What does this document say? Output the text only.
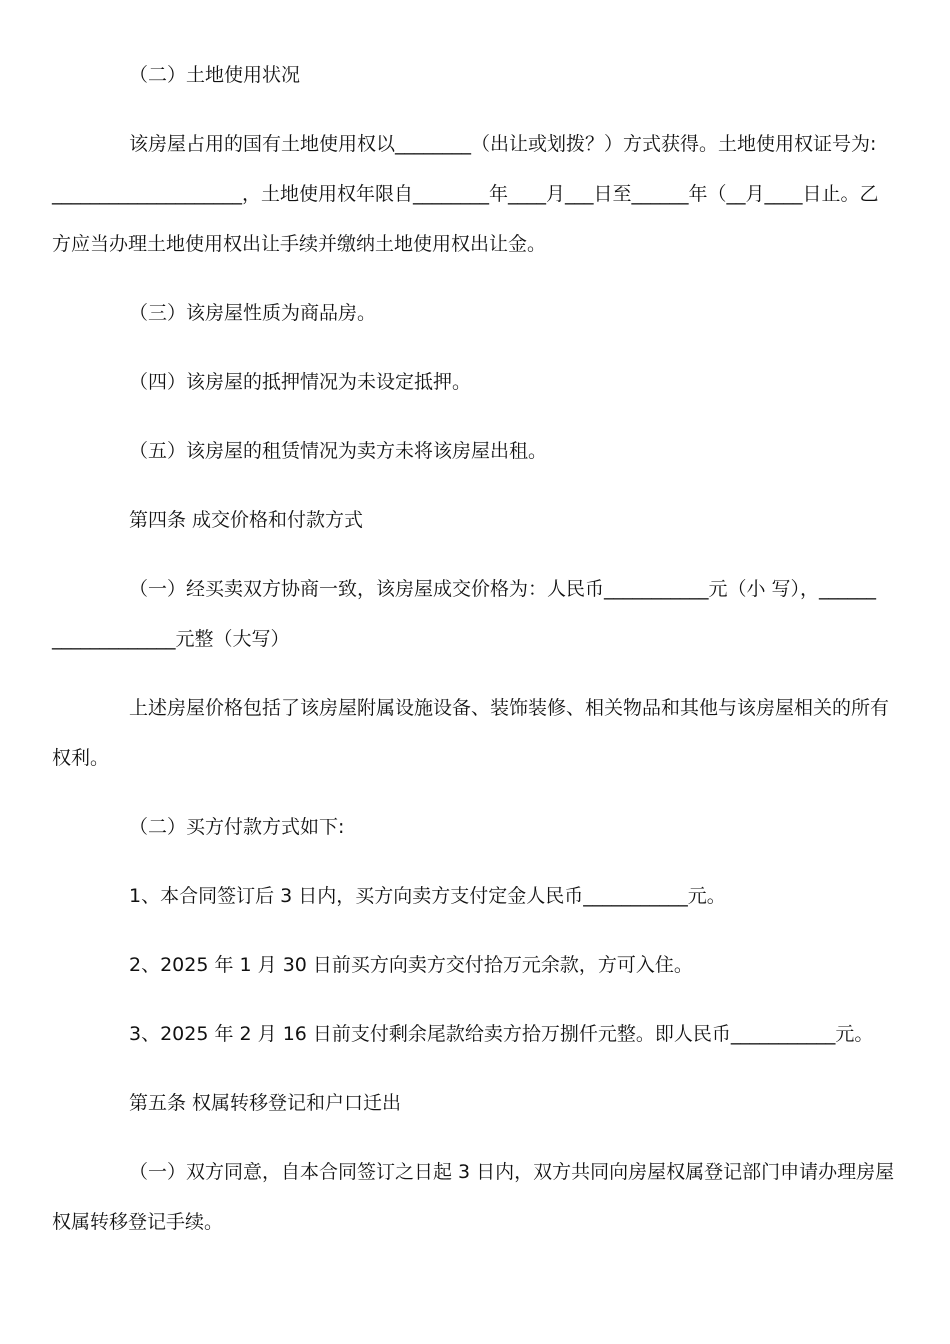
（二）土地使用状况

该房屋占用的国有土地使用权以________（出让或划拨？）方式获得。土地使用权证号为:

____________________，土地使用权年限自________年____月___日至______年（__月____日止。乙

方应当办理土地使用权出让手续并缴纳土地使用权出让金。

（三）该房屋性质为商品房。

（四）该房屋的抵押情况为未设定抵押。

（五）该房屋的租赁情况为卖方未将该房屋出租。

第四条 成交价格和付款方式

（一）经买卖双方协商一致，该房屋成交价格为：人民币___________元（小 写），______

_____________元整（大写）

上述房屋价格包括了该房屋附属设施设备、装饰装修、相关物品和其他与该房屋相关的所有

权利。

（二）买方付款方式如下:

1、本合同签订后 3 日内，买方向卖方支付定金人民币___________元。

2、2025 年 1 月 30 日前买方向卖方交付拾万元余款，方可入住。

3、2025 年 2 月 16 日前支付剩余尾款给卖方拾万捌仟元整。即人民币___________元。

第五条 权属转移登记和户口迁出

（一）双方同意，自本合同签订之日起 3 日内，双方共同向房屋权属登记部门申请办理房屋

权属转移登记手续。
